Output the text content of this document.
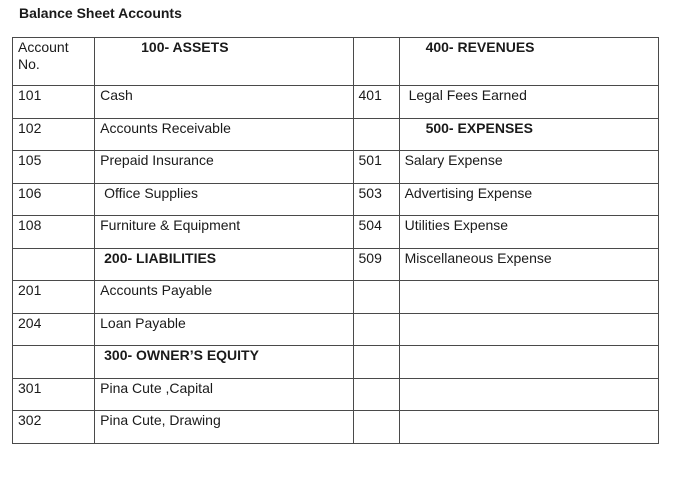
Balance Sheet Accounts
Account No.	100- ASSETS		400- REVENUES
101	Cash	401	Legal Fees Earned
102	Accounts Receivable		500- EXPENSES
105	Prepaid Insurance	501	Salary Expense
106	Office Supplies	503	Advertising Expense
108	Furniture & Equipment	504	Utilities Expense
	200- LIABILITIES	509	Miscellaneous Expense
201	Accounts Payable		
204	Loan Payable		
	300- OWNER’S EQUITY		
301	Pina Cute ,Capital		
302	Pina Cute, Drawing		
